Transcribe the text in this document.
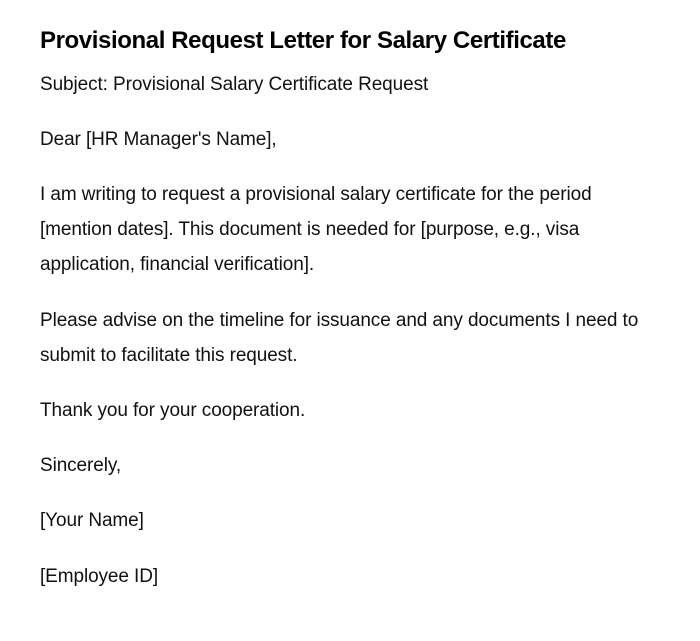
Provisional Request Letter for Salary Certificate

Subject: Provisional Salary Certificate Request

Dear [HR Manager's Name],

I am writing to request a provisional salary certificate for the period [mention dates]. This document is needed for [purpose, e.g., visa application, financial verification].

Please advise on the timeline for issuance and any documents I need to submit to facilitate this request.

Thank you for your cooperation.

Sincerely,

[Your Name]

[Employee ID]
